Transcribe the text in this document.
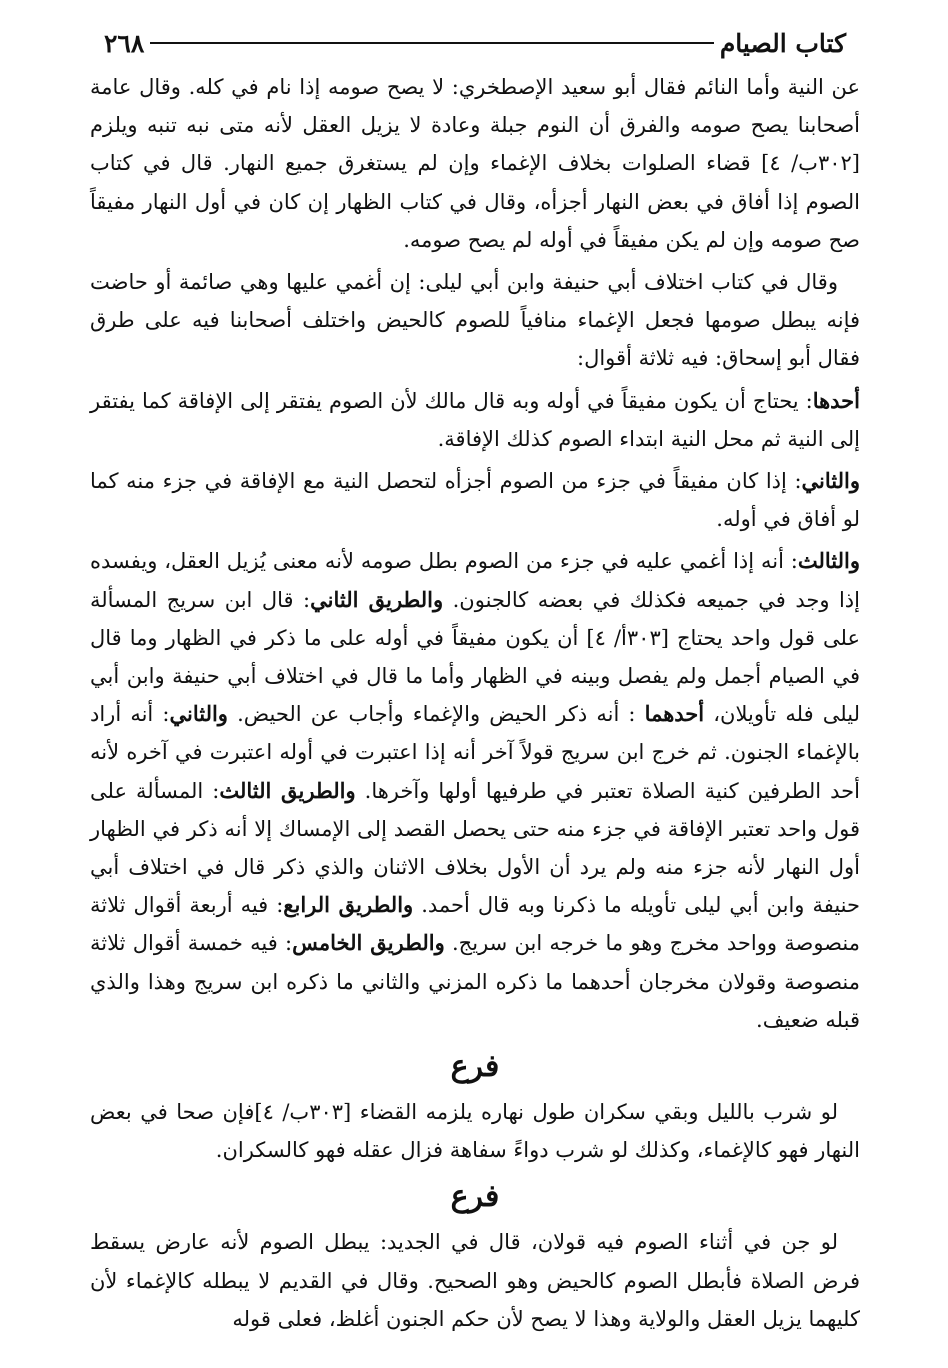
كتاب الصيام
٢٦٨

عن النية وأما النائم فقال أبو سعيد الإصطخري: لا يصح صومه إذا نام في كله. وقال عامة أصحابنا يصح صومه والفرق أن النوم جبلة وعادة لا يزيل العقل لأنه متى نبه تنبه ويلزم [٣٠٢ب/ ٤] قضاء الصلوات بخلاف الإغماء وإن لم يستغرق جميع النهار. قال في كتاب الصوم إذا أفاق في بعض النهار أجزأه، وقال في كتاب الظهار إن كان في أول النهار مفيقاً صح صومه وإن لم يكن مفيقاً في أوله لم يصح صومه.

وقال في كتاب اختلاف أبي حنيفة وابن أبي ليلى: إن أغمي عليها وهي صائمة أو حاضت فإنه يبطل صومها فجعل الإغماء منافياً للصوم كالحيض واختلف أصحابنا فيه على طرق فقال أبو إسحاق: فيه ثلاثة أقوال:

أحدها: يحتاج أن يكون مفيقاً في أوله وبه قال مالك لأن الصوم يفتقر إلى الإفاقة كما يفتقر إلى النية ثم محل النية ابتداء الصوم كذلك الإفاقة.

والثاني: إذا كان مفيقاً في جزء من الصوم أجزأه لتحصل النية مع الإفاقة في جزء منه كما لو أفاق في أوله.

والثالث: أنه إذا أغمي عليه في جزء من الصوم بطل صومه لأنه معنى يُزيل العقل، ويفسده إذا وجد في جميعه فكذلك في بعضه كالجنون. والطريق الثاني: قال ابن سريج المسألة على قول واحد يحتاج [٣٠٣أ/ ٤] أن يكون مفيقاً في أوله على ما ذكر في الظهار وما قال في الصيام أجمل ولم يفصل وبينه في الظهار وأما ما قال في اختلاف أبي حنيفة وابن أبي ليلى فله تأويلان، أحدهما : أنه ذكر الحيض والإغماء وأجاب عن الحيض. والثاني: أنه أراد بالإغماء الجنون. ثم خرج ابن سريج قولاً آخر أنه إذا اعتبرت في أوله اعتبرت في آخره لأنه أحد الطرفين كنية الصلاة تعتبر في طرفيها أولها وآخرها. والطريق الثالث: المسألة على قول واحد تعتبر الإفاقة في جزء منه حتى يحصل القصد إلى الإمساك إلا أنه ذكر في الظهار أول النهار لأنه جزء منه ولم يرد أن الأول بخلاف الاثنان والذي ذكر قال في اختلاف أبي حنيفة وابن أبي ليلى تأويله ما ذكرنا وبه قال أحمد. والطريق الرابع: فيه أربعة أقوال ثلاثة منصوصة وواحد مخرج وهو ما خرجه ابن سريج. والطريق الخامس: فيه خمسة أقوال ثلاثة منصوصة وقولان مخرجان أحدهما ما ذكره المزني والثاني ما ذكره ابن سريج وهذا والذي قبله ضعيف.

فرع

لو شرب بالليل وبقي سكران طول نهاره يلزمه القضاء [٣٠٣ب/ ٤]فإن صحا في بعض النهار فهو كالإغماء، وكذلك لو شرب دواءً سفاهة فزال عقله فهو كالسكران.

فرع

لو جن في أثناء الصوم فيه قولان، قال في الجديد: يبطل الصوم لأنه عارض يسقط فرض الصلاة فأبطل الصوم كالحيض وهو الصحيح. وقال في القديم لا يبطله كالإغماء لأن كليهما يزيل العقل والولاية وهذا لا يصح لأن حكم الجنون أغلظ، فعلى قوله
